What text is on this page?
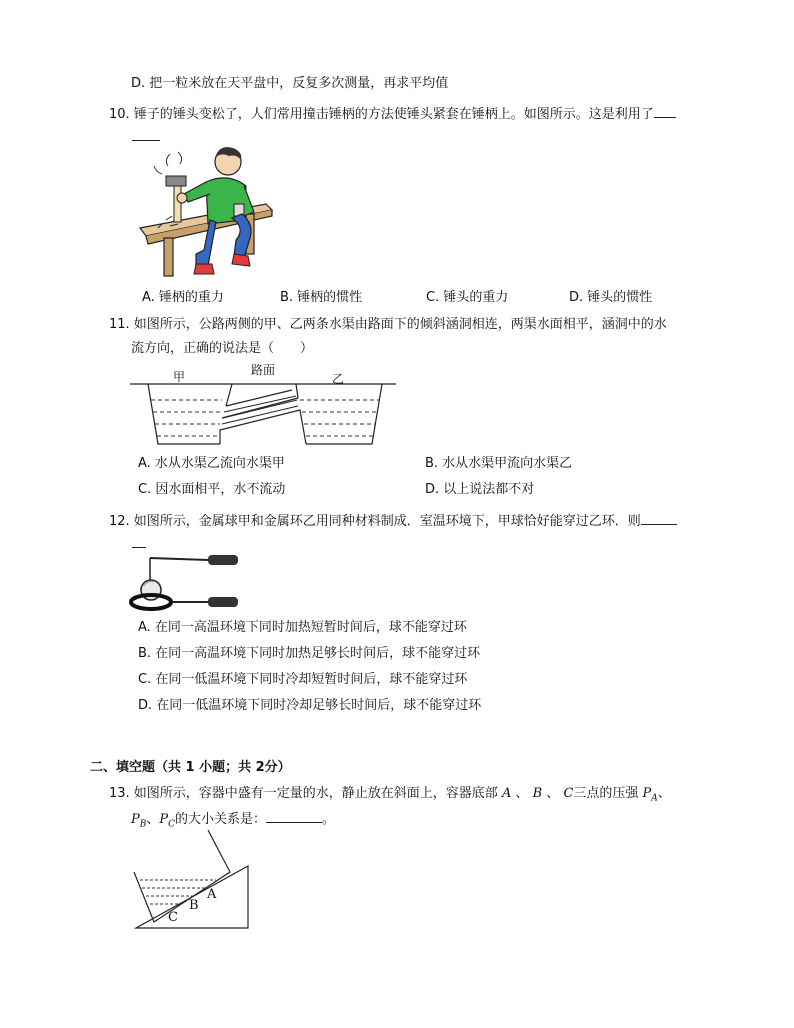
D. 把一粒米放在天平盘中，反复多次测量，再求平均值
10. 锤子的锤头变松了，人们常用撞击锤柄的方法使锤头紧套在锤柄上。如图所示。这是利用了
A. 锤柄的重力	B. 锤柄的惯性	C. 锤头的重力	D. 锤头的惯性
11. 如图所示，公路两侧的甲、乙两条水渠由路面下的倾斜涵洞相连，两渠水面相平，涵洞中的水
流方向，正确的说法是（　　）
甲	路面
乙
A. 水从水渠乙流向水渠甲	B. 水从水渠甲流向水渠乙
C. 因水面相平，水不流动	D. 以上说法都不对
12. 如图所示，金属球甲和金属环乙用同种材料制成．室温环境下，甲球恰好能穿过乙环．则
A. 在同一高温环境下同时加热短暂时间后，球不能穿过环
B. 在同一高温环境下同时加热足够长时间后，球不能穿过环
C. 在同一低温环境下同时冷却短暂时间后，球不能穿过环
D. 在同一低温环境下同时冷却足够长时间后，球不能穿过环
二、填空题（共 1 小题；共 2分）
13. 如图所示，容器中盛有一定量的水，静止放在斜面上，容器底部 A 、 B 、 C三点的压强 $P_A$、
$P_B$、$P_C$的大小关系是：	。
A
B
C
